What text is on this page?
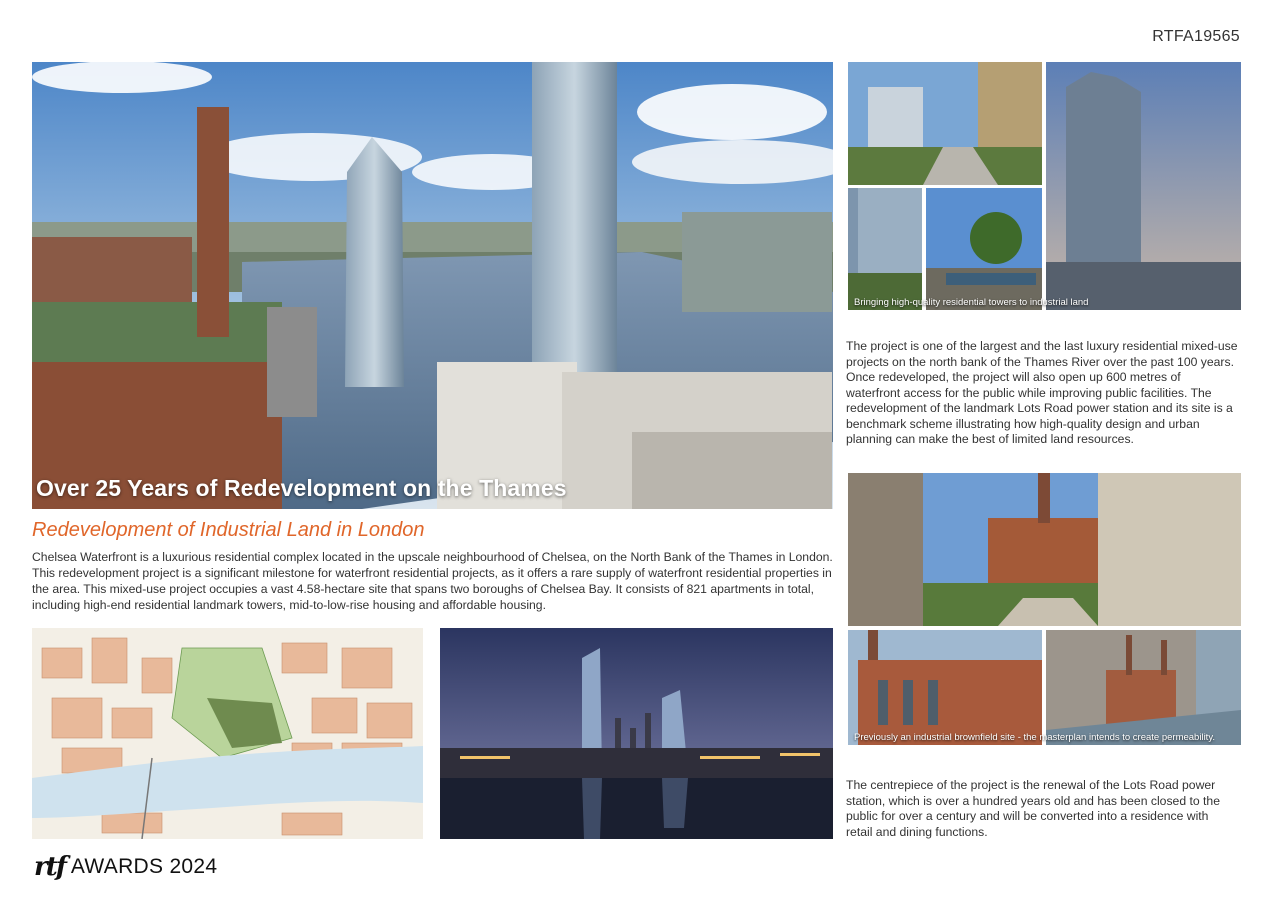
RTFA19565
Over 25 Years of Redevelopment on the Thames
Bringing high-quality residential towers to industrial land
The project is one of the largest and the last luxury residential mixed-use projects on the north bank of the Thames River over the past 100 years. Once redeveloped, the project will also open up 600 metres of waterfront access for the public while improving public facilities. The redevelopment of the landmark Lots Road power station and its site is a benchmark scheme illustrating how high-quality design and urban planning can make the best of limited land resources.
Redevelopment of Industrial Land in London
Chelsea Waterfront is a luxurious residential complex located in the upscale neighbourhood of Chelsea, on the North Bank of the Thames in London. This redevelopment project is a significant milestone for waterfront residential projects, as it offers a rare supply of waterfront residential properties in the area. This mixed-use project occupies a vast 4.58-hectare site that spans two boroughs of Chelsea Bay. It consists of 821 apartments in total, including high-end residential landmark towers, mid-to-low-rise housing and affordable housing.
Previously an industrial brownfield site - the masterplan intends to create permeability.
The centrepiece of the project is the renewal of the Lots Road power station, which is over a hundred years old and has been closed to the public for over a century and will be converted into a residence with retail and dining functions.
rtf AWARDS 2024
